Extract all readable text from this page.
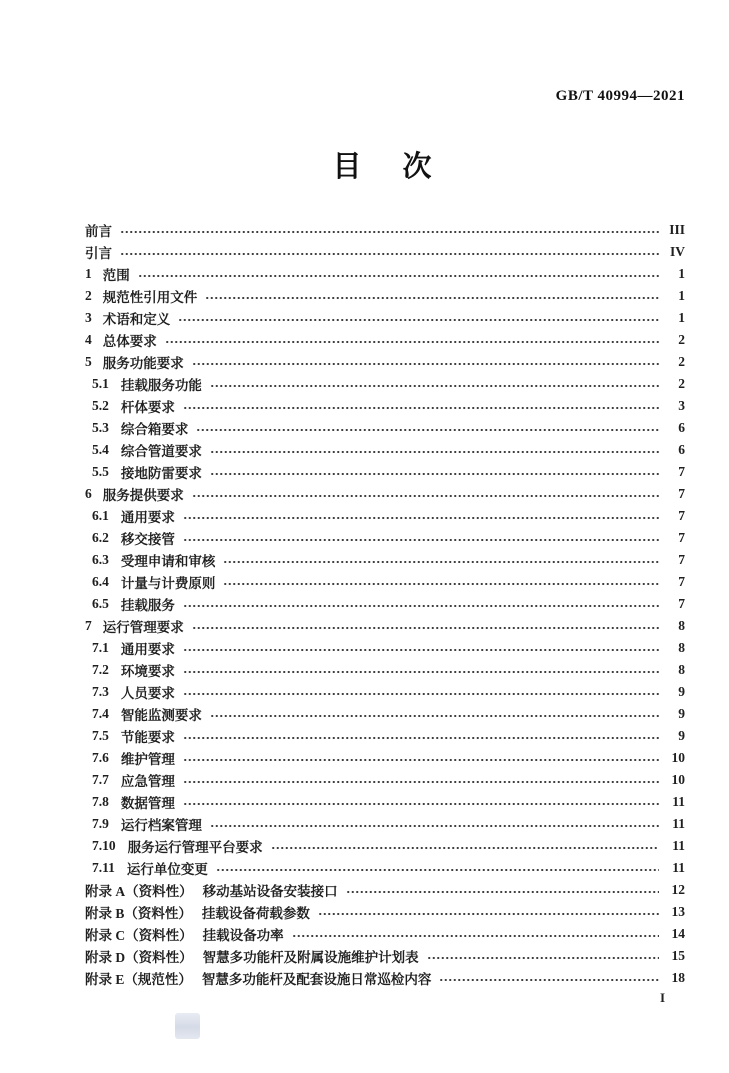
GB/T 40994—2021
目　次
前言	III
引言	IV
1 范围	1
2 规范性引用文件	1
3 术语和定义	1
4 总体要求	2
5 服务功能要求	2
5.1 挂载服务功能	2
5.2 杆体要求	3
5.3 综合箱要求	6
5.4 综合管道要求	6
5.5 接地防雷要求	7
6 服务提供要求	7
6.1 通用要求	7
6.2 移交接管	7
6.3 受理申请和审核	7
6.4 计量与计费原则	7
6.5 挂载服务	7
7 运行管理要求	8
7.1 通用要求	8
7.2 环境要求	8
7.3 人员要求	9
7.4 智能监测要求	9
7.5 节能要求	9
7.6 维护管理	10
7.7 应急管理	10
7.8 数据管理	11
7.9 运行档案管理	11
7.10 服务运行管理平台要求	11
7.11 运行单位变更	11
附录 A（资料性） 移动基站设备安装接口	12
附录 B（资料性） 挂载设备荷载参数	13
附录 C（资料性） 挂载设备功率	14
附录 D（资料性） 智慧多功能杆及附属设施维护计划表	15
附录 E（规范性） 智慧多功能杆及配套设施日常巡检内容	18
I
